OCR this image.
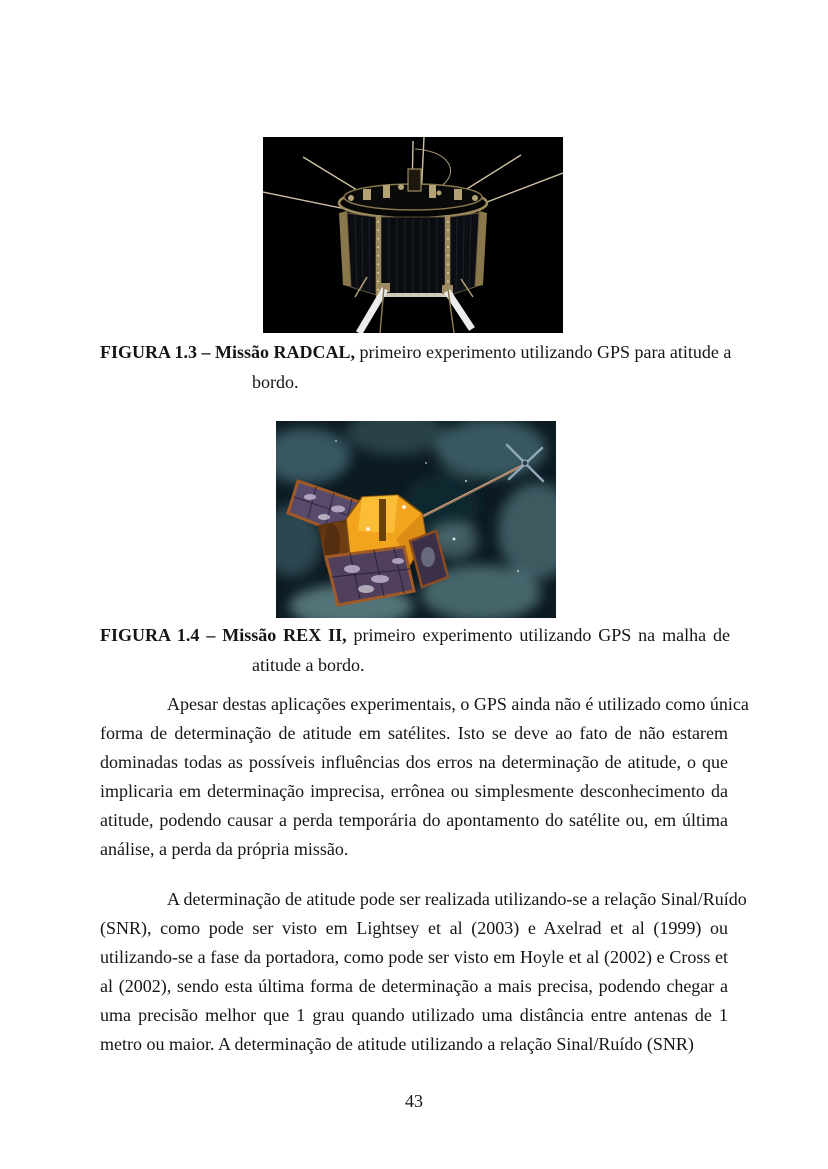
FIGURA 1.3 – Missão RADCAL, primeiro experimento utilizando GPS para atitude a
bordo.
FIGURA 1.4 – Missão REX II, primeiro experimento utilizando GPS na malha de
atitude a bordo.
Apesar destas aplicações experimentais, o GPS ainda não é utilizado como única
forma de determinação de atitude em satélites. Isto se deve ao fato de não estarem
dominadas todas as possíveis influências dos erros na determinação de atitude, o que
implicaria em determinação imprecisa, errônea ou simplesmente desconhecimento da
atitude, podendo causar a perda temporária do apontamento do satélite ou, em última
análise, a perda da própria missão.
A determinação de atitude pode ser realizada utilizando-se a relação Sinal/Ruído
(SNR), como pode ser visto em Lightsey et al (2003) e Axelrad et al (1999) ou
utilizando-se a fase da portadora, como pode ser visto em Hoyle et al (2002) e Cross et
al (2002), sendo esta última forma de determinação a mais precisa, podendo chegar a
uma precisão melhor que 1 grau quando utilizado uma distância entre antenas de 1
metro ou maior. A determinação de atitude utilizando a relação Sinal/Ruído (SNR)
43
